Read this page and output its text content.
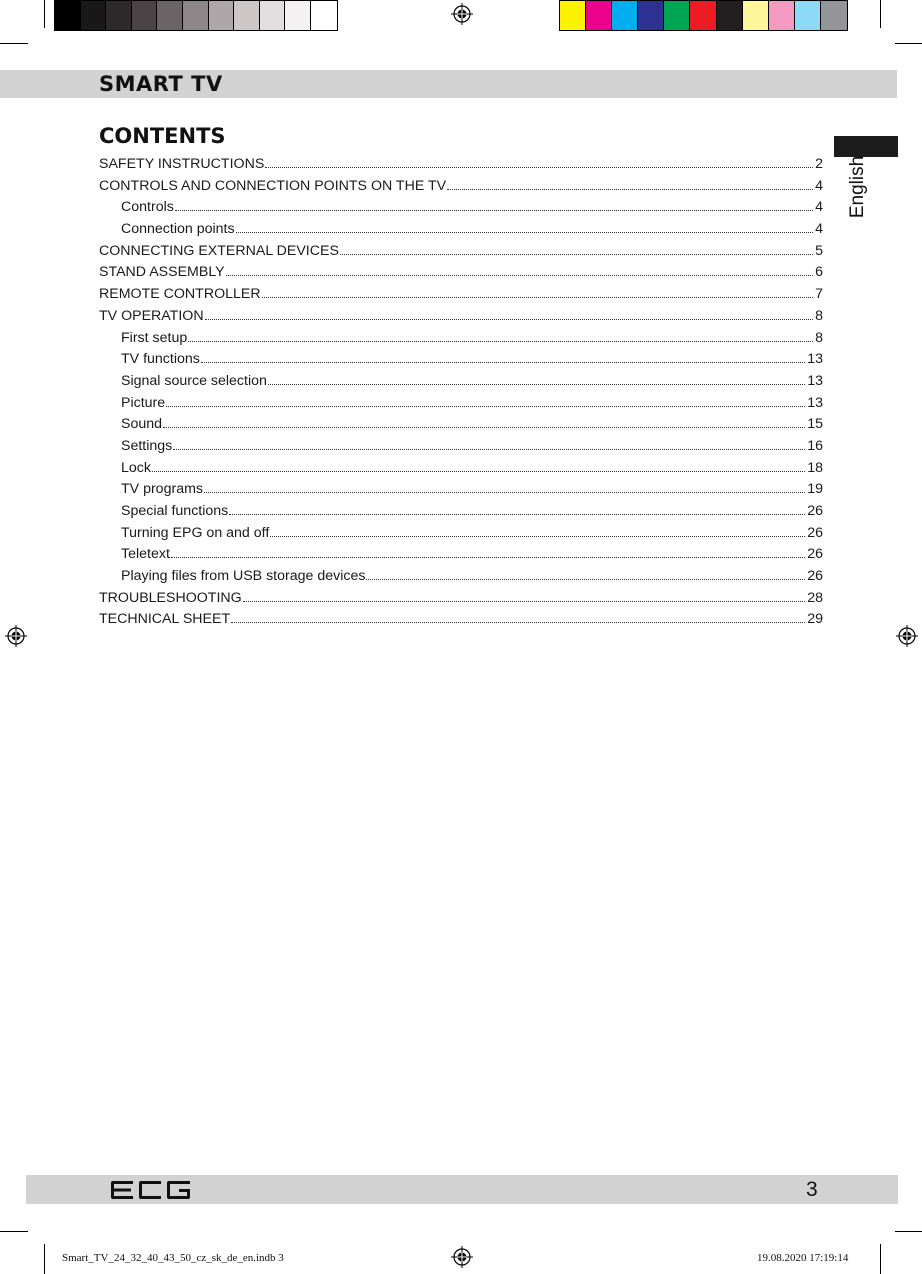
SMART TV
English
CONTENTS
SAFETY INSTRUCTIONS	2
CONTROLS AND CONNECTION POINTS ON THE TV	4
Controls	4
Connection points	4
CONNECTING EXTERNAL DEVICES	5
STAND ASSEMBLY	6
REMOTE CONTROLLER	7
TV OPERATION	8
First setup	8
TV functions	13
Signal source selection	13
Picture	13
Sound	15
Settings	16
Lock	18
TV programs	19
Special functions	26
Turning EPG on and off	26
Teletext	26
Playing files from USB storage devices	26
TROUBLESHOOTING	28
TECHNICAL SHEET	29
3
Smart_TV_24_32_40_43_50_cz_sk_de_en.indb 3	19.08.2020 17:19:14
